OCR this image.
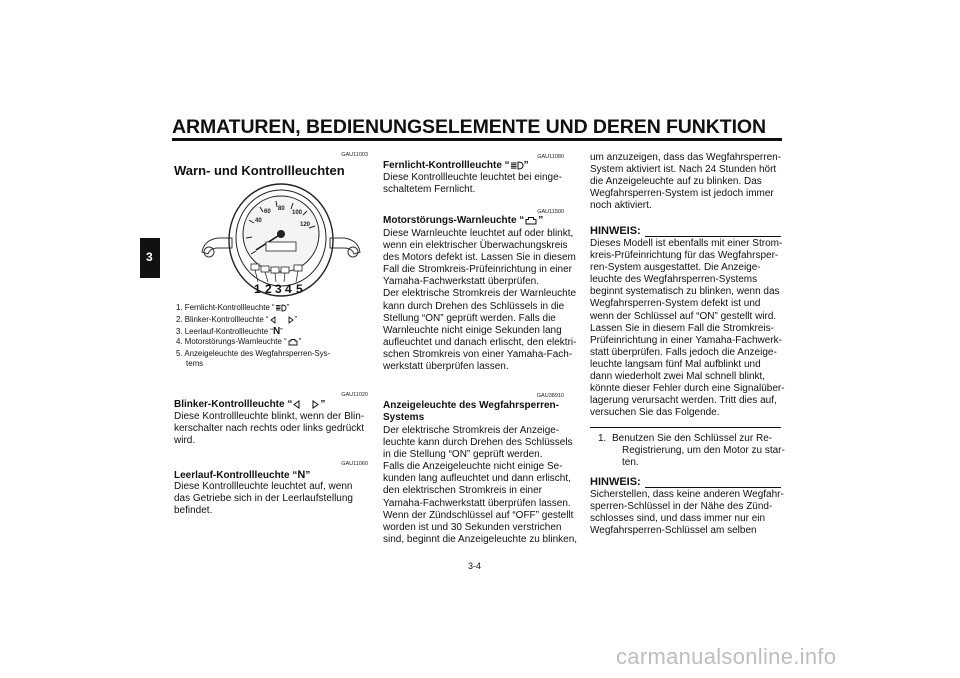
ARMATUREN, BEDIENUNGSELEMENTE UND DEREN FUNKTION
3
GAU11003
Warn- und Kontrollleuchten
40
60 80
100
120
1 2 3 4 5
1. Fernlicht-Kontrollleuchte “ ”
2. Blinker-Kontrollleuchte “	”
3. Leerlauf-Kontrollleuchte “N”
4. Motorstörungs-Warnleuchte “ ”
5. Anzeigeleuchte des Wegfahrsperren-Sys-
tems
GAU11020
Blinker-Kontrollleuchte “	”
Diese Kontrollleuchte blinkt, wenn der Blin-
kerschalter nach rechts oder links gedrückt
wird.
GAU11060
Leerlauf-Kontrollleuchte “N”
Diese Kontrollleuchte leuchtet auf, wenn
das Getriebe sich in der Leerlaufstellung
befindet.
GAU11080
Fernlicht-Kontrollleuchte “ ”
Diese Kontrollleuchte leuchtet bei einge-
schaltetem Fernlicht.
GAU11500
Motorstörungs-Warnleuchte “ ”
Diese Warnleuchte leuchtet auf oder blinkt,
wenn ein elektrischer Überwachungskreis
des Motors defekt ist. Lassen Sie in diesem
Fall die Stromkreis-Prüfeinrichtung in einer
Yamaha-Fachwerkstatt überprüfen.
Der elektrische Stromkreis der Warnleuchte
kann durch Drehen des Schlüssels in die
Stellung “ON” geprüft werden. Falls die
Warnleuchte nicht einige Sekunden lang
aufleuchtet und danach erlischt, den elektri-
schen Stromkreis von einer Yamaha-Fach-
werkstatt überprüfen lassen.
GAU38910
Anzeigeleuchte des Wegfahrsperren-
Systems
Der elektrische Stromkreis der Anzeige-
leuchte kann durch Drehen des Schlüssels
in die Stellung “ON” geprüft werden.
Falls die Anzeigeleuchte nicht einige Se-
kunden lang aufleuchtet und dann erlischt,
den elektrischen Stromkreis in einer
Yamaha-Fachwerkstatt überprüfen lassen.
Wenn der Zündschlüssel auf “OFF” gestellt
worden ist und 30 Sekunden verstrichen
sind, beginnt die Anzeigeleuchte zu blinken,
um anzuzeigen, dass das Wegfahrsperren-
System aktiviert ist. Nach 24 Stunden hört
die Anzeigeleuchte auf zu blinken. Das
Wegfahrsperren-System ist jedoch immer
noch aktiviert.
HINWEIS:
Dieses Modell ist ebenfalls mit einer Strom-
kreis-Prüfeinrichtung für das Wegfahrsper-
ren-System ausgestattet. Die Anzeige-
leuchte des Wegfahrsperren-Systems
beginnt systematisch zu blinken, wenn das
Wegfahrsperren-System defekt ist und
wenn der Schlüssel auf “ON” gestellt wird.
Lassen Sie in diesem Fall die Stromkreis-
Prüfeinrichtung in einer Yamaha-Fachwerk-
statt überprüfen. Falls jedoch die Anzeige-
leuchte langsam fünf Mal aufblinkt und
dann wiederholt zwei Mal schnell blinkt,
könnte dieser Fehler durch eine Signalüber-
lagerung verursacht werden. Tritt dies auf,
versuchen Sie das Folgende.
1. Benutzen Sie den Schlüssel zur Re-
Registrierung, um den Motor zu star-
ten.
HINWEIS:
Sicherstellen, dass keine anderen Wegfahr-
sperren-Schlüssel in der Nähe des Zünd-
schlosses sind, und dass immer nur ein
Wegfahrsperren-Schlüssel am selben
3-4
carmanualsonline.info
